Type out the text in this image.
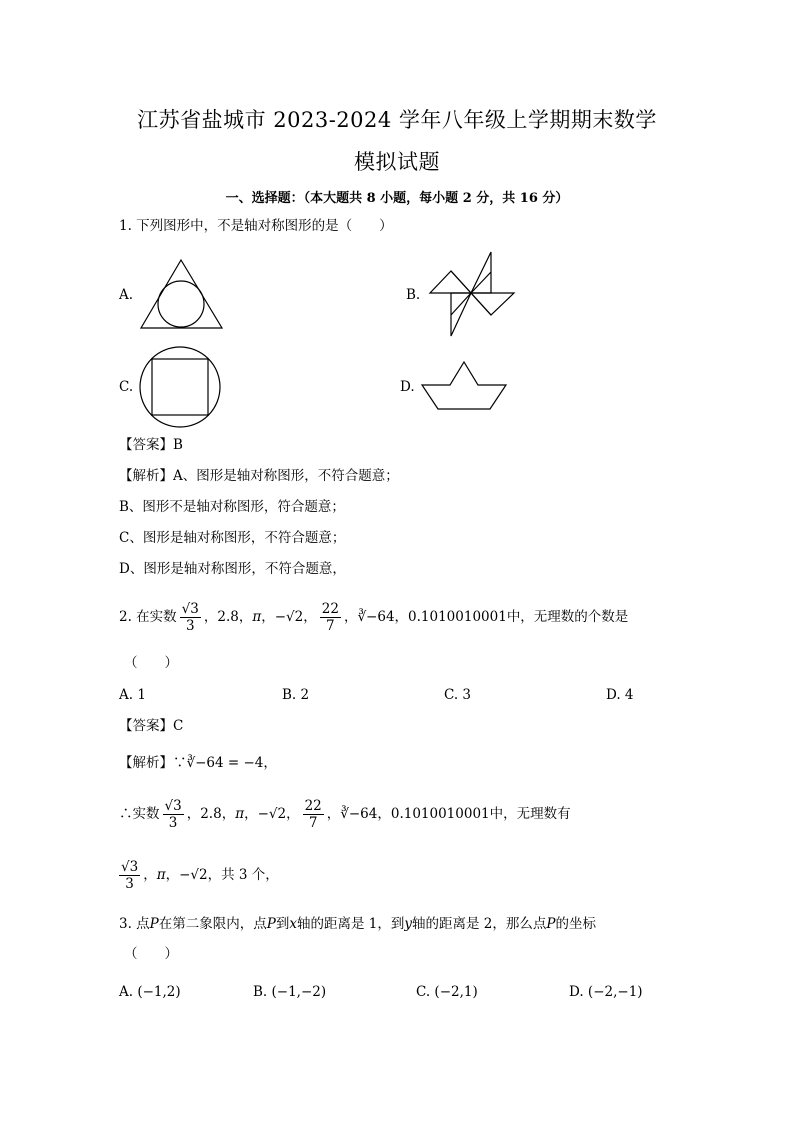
江苏省盐城市 2023-2024 学年八年级上学期期末数学
模拟试题
一、选择题：（本大题共 8 小题，每小题 2 分，共 16 分）
1. 下列图形中，不是轴对称图形的是（　　）
A.	B.
C.	D.
【答案】B
【解析】A、图形是轴对称图形，不符合题意；
B、图形不是轴对称图形，符合题意；
C、图形是轴对称图形，不符合题意；
D、图形是轴对称图形，不符合题意，
2. 在实数 $\frac{√3}{3}$ ， 2.8 ， π ， −√2 ， $\frac{22}{7}$ ， ∛−64 ， 0.1010010001 中，无理数的个数是
（　　）
A. 1	B. 2	C. 3	D. 4
【答案】C
【解析】∵∛−64 = −4，
∴实数 $\frac{√3}{3}$ ， 2.8 ， π ， −√2 ， $\frac{22}{7}$ ， ∛−64 ， 0.1010010001 中，无理数有
$\frac{√3}{3}$ ， π ， −√2 ，共 3 个，
3. 点P在第二象限内，点P到x轴的距离是 1，到y轴的距离是 2，那么点P的坐标
（　　）
A. (−1,2)	B. (−1,−2)	C. (−2,1)	D. (−2,−1)
